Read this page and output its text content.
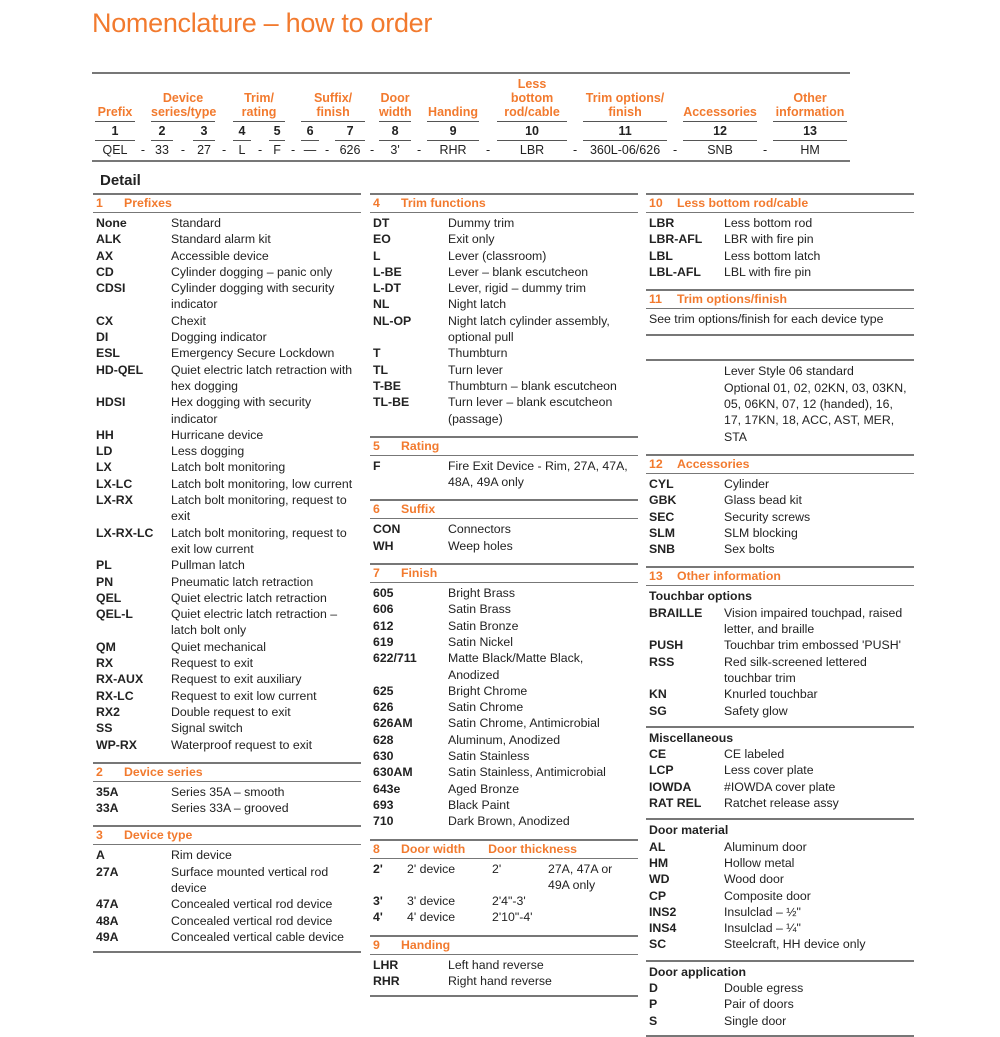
Nomenclature – how to order
Prefix		Device series/type				Trim/ rating				Suffix/ finish				Door width		Handing		Less bottom rod/cable		Trim options/ finish		Accessories		Other information

1		2		3		4		5		6		7		8		9		10		11		12		13

QEL	-	33	-	27	-	L	-	F	-	—	-	626	-	3'	-	RHR	-	LBR	-	360L-06/626	-	SNB	-	HM
Detail
1	Prefixes
None	Standard
ALK	Standard alarm kit
AX	Accessible device
CD	Cylinder dogging – panic only
CDSI	Cylinder dogging with security indicator
CX	Chexit
DI	Dogging indicator
ESL	Emergency Secure Lockdown
HD-QEL	Quiet electric latch retraction with hex dogging
HDSI	Hex dogging with security indicator
HH	Hurricane device
LD	Less dogging
LX	Latch bolt monitoring
LX-LC	Latch bolt monitoring, low current
LX-RX	Latch bolt monitoring, request to exit
LX-RX-LC	Latch bolt monitoring, request to exit low current
PL	Pullman latch
PN	Pneumatic latch retraction
QEL	Quiet electric latch retraction
QEL-L	Quiet electric latch retraction – latch bolt only
QM	Quiet mechanical
RX	Request to exit
RX-AUX	Request to exit auxiliary
RX-LC	Request to exit low current
RX2	Double request to exit
SS	Signal switch
WP-RX	Waterproof request to exit
2	Device series
35A	Series 35A – smooth
33A	Series 33A – grooved
3	Device type
A	Rim device
27A	Surface mounted vertical rod device
47A	Concealed vertical rod device
48A	Concealed vertical rod device
49A	Concealed vertical cable device
4	Trim functions
DT	Dummy trim
EO	Exit only
L	Lever (classroom)
L-BE	Lever – blank escutcheon
L-DT	Lever, rigid – dummy trim
NL	Night latch
NL-OP	Night latch cylinder assembly, optional pull
T	Thumbturn
TL	Turn lever
T-BE	Thumbturn – blank escutcheon
TL-BE	Turn lever – blank escutcheon (passage)
5	Rating
F	Fire Exit Device - Rim, 27A, 47A, 48A, 49A only
6	Suffix
CON	Connectors
WH	Weep holes
7	Finish
605	Bright Brass
606	Satin Brass
612	Satin Bronze
619	Satin Nickel
622/711	Matte Black/Matte Black, Anodized
625	Bright Chrome
626	Satin Chrome
626AM	Satin Chrome, Antimicrobial
628	Aluminum, Anodized
630	Satin Stainless
630AM	Satin Stainless, Antimicrobial
643e	Aged Bronze
693	Black Paint
710	Dark Brown, Anodized
8	Door width Door thickness
2'	2' device	2'	27A, 47A or 49A only
3'	3' device	2'4"-3'
4'	4' device	2'10"-4'
9	Handing
LHR	Left hand reverse
RHR	Right hand reverse
10	Less bottom rod/cable
LBR	Less bottom rod
LBR-AFL	LBR with fire pin
LBL	Less bottom latch
LBL-AFL	LBL with fire pin
11	Trim options/finish
See trim options/finish for each device type
Lever Style 06 standard
Optional 01, 02, 02KN, 03, 03KN, 05, 06KN, 07, 12 (handed), 16, 17, 17KN, 18, ACC, AST, MER, STA
12	Accessories
CYL	Cylinder
GBK	Glass bead kit
SEC	Security screws
SLM	SLM blocking
SNB	Sex bolts
13	Other information
Touchbar options
BRAILLE	Vision impaired touchpad, raised letter, and braille
PUSH	Touchbar trim embossed 'PUSH'
RSS	Red silk-screened lettered touchbar trim
KN	Knurled touchbar
SG	Safety glow
Miscellaneous
CE	CE labeled
LCP	Less cover plate
IOWDA	#IOWDA cover plate
RAT REL	Ratchet release assy
Door material
AL	Aluminum door
HM	Hollow metal
WD	Wood door
CP	Composite door
INS2	Insulclad – ½"
INS4	Insulclad – ¼"
SC	Steelcraft, HH device only
Door application
D	Double egress
P	Pair of doors
S	Single door
